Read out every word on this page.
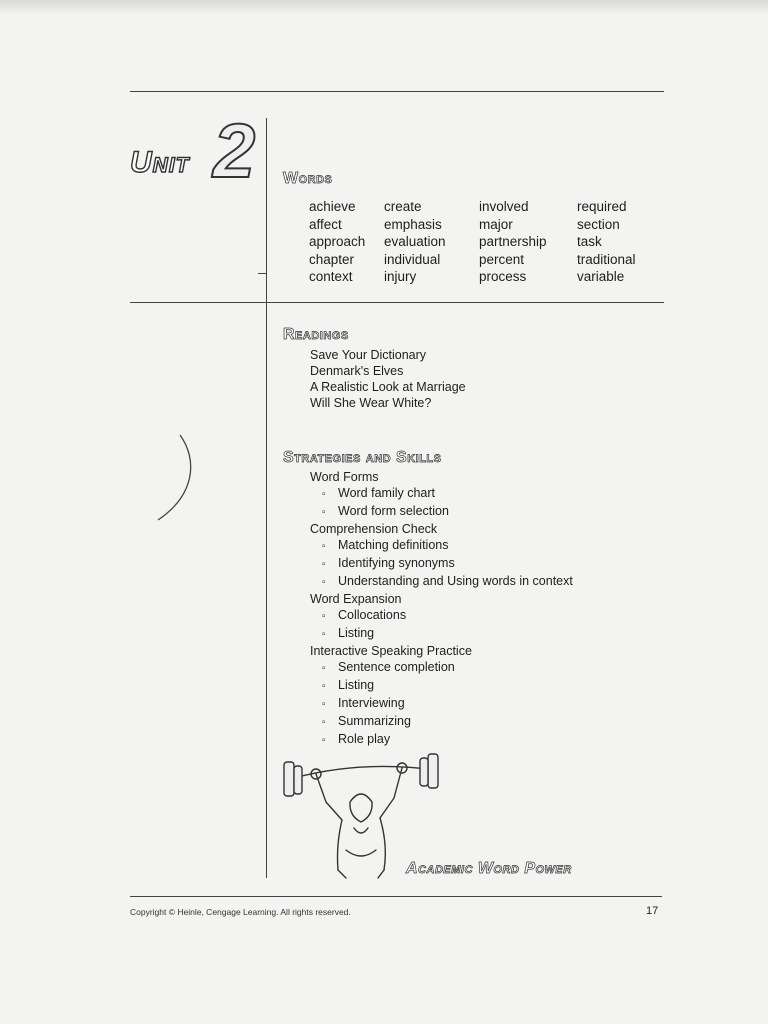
Unit 2 Words
achieve
affect
approach
chapter
context
create
emphasis
evaluation
individual
injury
involved
major
partnership
percent
process
required
section
task
traditional
variable
Readings
Save Your Dictionary
Denmark's Elves
A Realistic Look at Marriage
Will She Wear White?
Strategies and Skills
Word Forms
▫ Word family chart
▫ Word form selection
Comprehension Check
▫ Matching definitions
▫ Identifying synonyms
▫ Understanding and Using words in context
Word Expansion
▫ Collocations
▫ Listing
Interactive Speaking Practice
▫ Sentence completion
▫ Listing
▫ Interviewing
▫ Summarizing
▫ Role play
Academic Word Power
Copyright © Heinle, Cengage Learning. All rights reserved.	17
